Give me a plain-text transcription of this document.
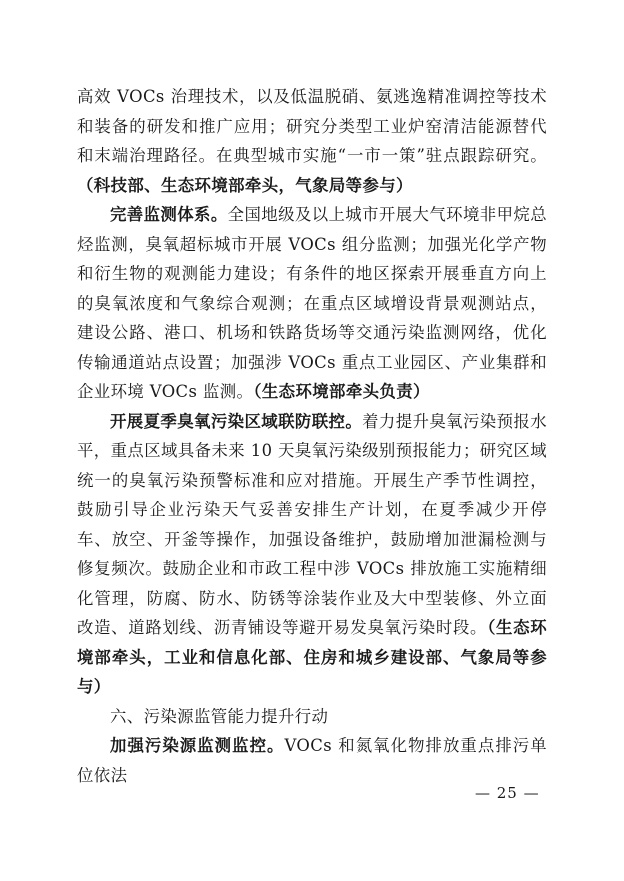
高效 VOCs 治理技术，以及低温脱硝、氨逃逸精准调控等技术和装备的研发和推广应用；研究分类型工业炉窑清洁能源替代和末端治理路径。在典型城市实施“一市一策”驻点跟踪研究。（科技部、生态环境部牵头，气象局等参与）

完善监测体系。全国地级及以上城市开展大气环境非甲烷总烃监测，臭氧超标城市开展 VOCs 组分监测；加强光化学产物和衍生物的观测能力建设；有条件的地区探索开展垂直方向上的臭氧浓度和气象综合观测；在重点区域增设背景观测站点，建设公路、港口、机场和铁路货场等交通污染监测网络，优化传输通道站点设置；加强涉 VOCs 重点工业园区、产业集群和企业环境 VOCs 监测。（生态环境部牵头负责）

开展夏季臭氧污染区域联防联控。着力提升臭氧污染预报水平，重点区域具备未来 10 天臭氧污染级别预报能力；研究区域统一的臭氧污染预警标准和应对措施。开展生产季节性调控，鼓励引导企业污染天气妥善安排生产计划，在夏季减少开停车、放空、开釜等操作，加强设备维护，鼓励增加泄漏检测与修复频次。鼓励企业和市政工程中涉 VOCs 排放施工实施精细化管理，防腐、防水、防锈等涂装作业及大中型装修、外立面改造、道路划线、沥青铺设等避开易发臭氧污染时段。（生态环境部牵头，工业和信息化部、住房和城乡建设部、气象局等参与）

六、污染源监管能力提升行动

加强污染源监测监控。VOCs 和氮氧化物排放重点排污单位依法

— 25 —
